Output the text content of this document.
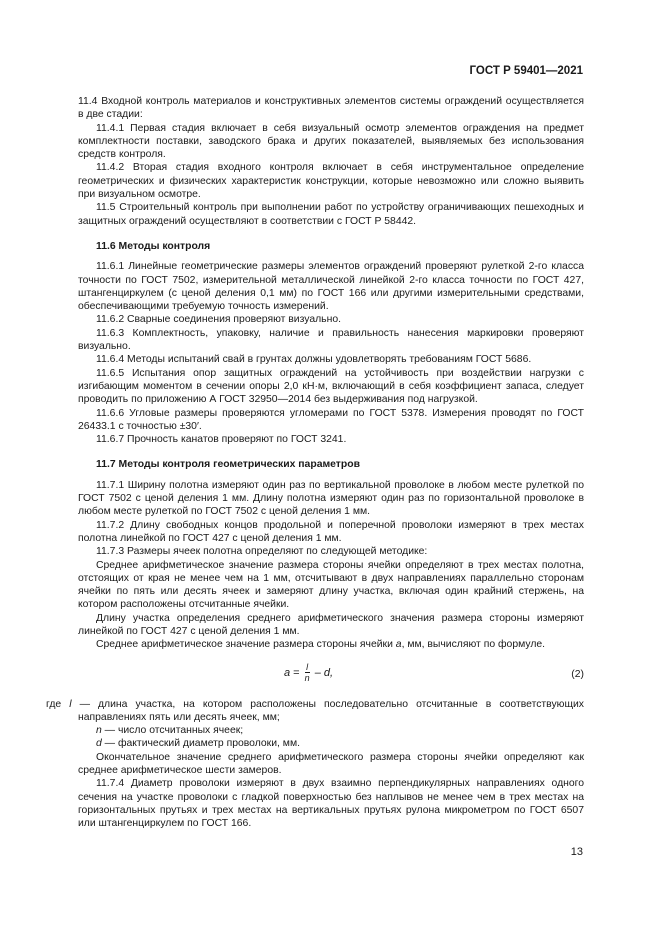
ГОСТ Р 59401—2021

11.4 Входной контроль материалов и конструктивных элементов системы ограждений осуществляется в две стадии:

11.4.1 Первая стадия включает в себя визуальный осмотр элементов ограждения на предмет комплектности поставки, заводского брака и других показателей, выявляемых без использования средств контроля.

11.4.2 Вторая стадия входного контроля включает в себя инструментальное определение геометрических и физических характеристик конструкции, которые невозможно или сложно выявить при визуальном осмотре.

11.5 Строительный контроль при выполнении работ по устройству ограничивающих пешеходных и защитных ограждений осуществляют в соответствии с ГОСТ Р 58442.

11.6 Методы контроля

11.6.1 Линейные геометрические размеры элементов ограждений проверяют рулеткой 2-го класса точности по ГОСТ 7502, измерительной металлической линейкой 2-го класса точности по ГОСТ 427, штангенциркулем (с ценой деления 0,1 мм) по ГОСТ 166 или другими измерительными средствами, обеспечивающими требуемую точность измерений.

11.6.2 Сварные соединения проверяют визуально.

11.6.3 Комплектность, упаковку, наличие и правильность нанесения маркировки проверяют визуально.

11.6.4 Методы испытаний свай в грунтах должны удовлетворять требованиям ГОСТ 5686.

11.6.5 Испытания опор защитных ограждений на устойчивость при воздействии нагрузки с изгибающим моментом в сечении опоры 2,0 кН·м, включающий в себя коэффициент запаса, следует проводить по приложению А ГОСТ 32950—2014 без выдерживания под нагрузкой.

11.6.6 Угловые размеры проверяются угломерами по ГОСТ 5378. Измерения проводят по ГОСТ 26433.1 с точностью ±30′.

11.6.7 Прочность канатов проверяют по ГОСТ 3241.

11.7 Методы контроля геометрических параметров

11.7.1 Ширину полотна измеряют один раз по вертикальной проволоке в любом месте рулеткой по ГОСТ 7502 с ценой деления 1 мм. Длину полотна измеряют один раз по горизонтальной проволоке в любом месте рулеткой по ГОСТ 7502 с ценой деления 1 мм.

11.7.2 Длину свободных концов продольной и поперечной проволоки измеряют в трех местах полотна линейкой по ГОСТ 427 с ценой деления 1 мм.

11.7.3 Размеры ячеек полотна определяют по следующей методике:

Среднее арифметическое значение размера стороны ячейки определяют в трех местах полотна, отстоящих от края не менее чем на 1 мм, отсчитывают в двух направлениях параллельно сторонам ячейки по пять или десять ячеек и замеряют длину участка, включая один крайний стержень, на котором расположены отсчитанные ячейки.

Длину участка определения среднего арифметического значения размера стороны измеряют линейкой по ГОСТ 427 с ценой деления 1 мм.

Среднее арифметическое значение размера стороны ячейки a, мм, вычисляют по формуле.

$a = \frac{l}{n} - d$,	(2)

где l — длина участка, на котором расположены последовательно отсчитанные в соответствующих направлениях пять или десять ячеек, мм;

n — число отсчитанных ячеек;

d — фактический диаметр проволоки, мм.

Окончательное значение среднего арифметического размера стороны ячейки определяют как среднее арифметическое шести замеров.

11.7.4 Диаметр проволоки измеряют в двух взаимно перпендикулярных направлениях одного сечения на участке проволоки с гладкой поверхностью без наплывов не менее чем в трех местах на горизонтальных прутьях и трех местах на вертикальных прутьях рулона микрометром по ГОСТ 6507 или штангенциркулем по ГОСТ 166.

13
